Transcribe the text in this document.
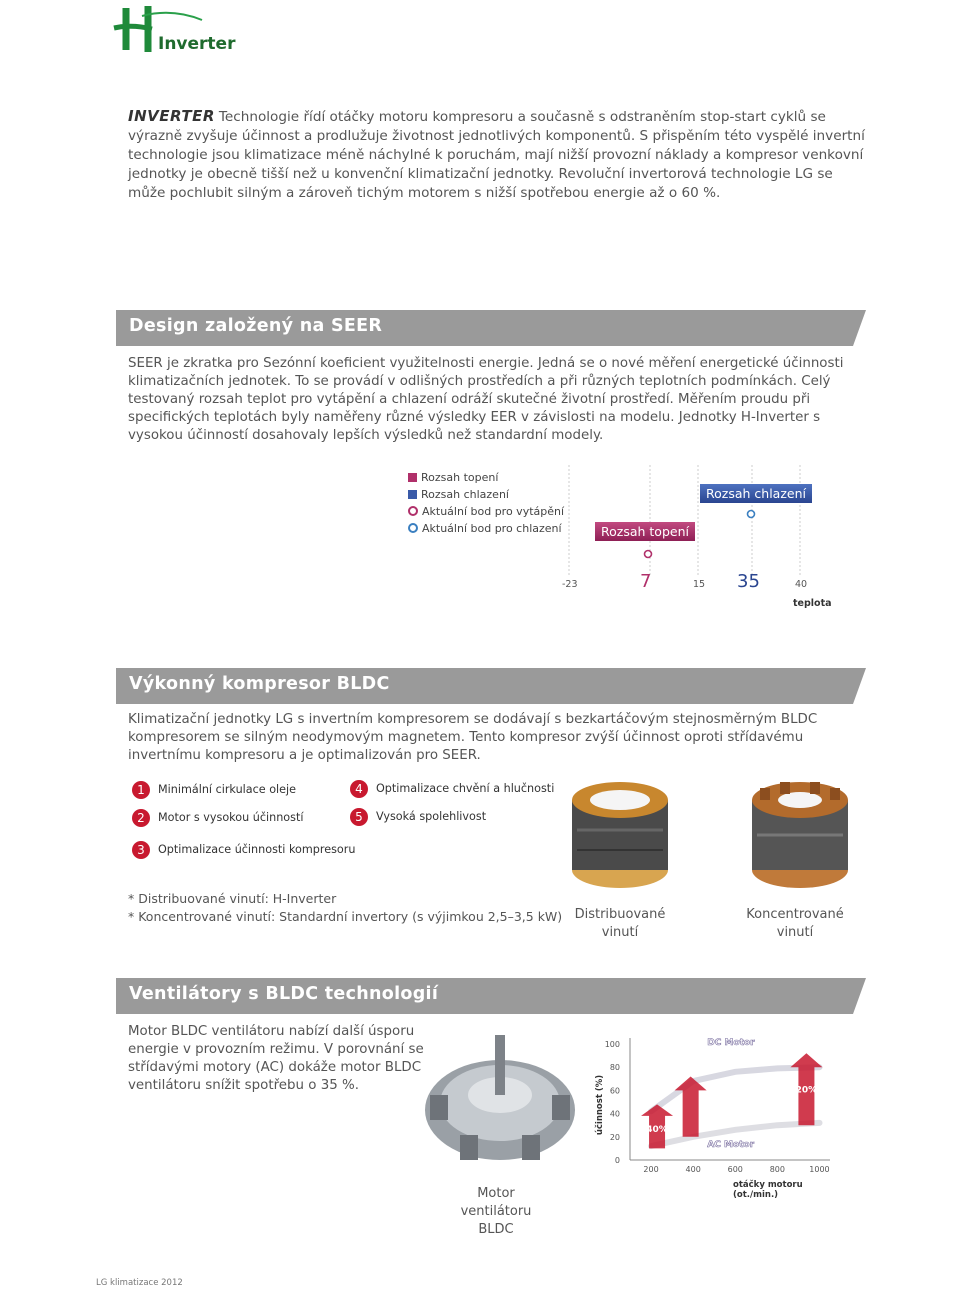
Inverter

INVERTER Technologie řídí otáčky motoru kompresoru a současně s odstraněním stop-start cyklů se výrazně zvyšuje účinnost a prodlužuje životnost jednotlivých komponentů. S přispěním této vyspělé invertní technologie jsou klimatizace méně náchylné k poruchám, mají nižší provozní náklady a kompresor venkovní jednotky je obecně tišší než u konvenční klimatizační jednotky. Revoluční invertorová technologie LG se může pochlubit silným a zároveň tichým motorem s nižší spotřebou energie až o 60 %.

Design založený na SEER

SEER je zkratka pro Sezónní koeficient využitelnosti energie. Jedná se o nové měření energetické účinnosti klimatizačních jednotek. To se provádí v odlišných prostředích a při různých teplotních podmínkách. Celý testovaný rozsah teplot pro vytápění a chlazení odráží skutečné životní prostředí. Měřením proudu při specifických teplotách byly naměřeny různé výsledky EER v závislosti na modelu. Jednotky H-Inverter s vysokou účinností dosahovaly lepších výsledků než standardní modely.

Rozsah topení
Rozsah chlazení
Aktuální bod pro vytápění
Aktuální bod pro chlazení	Rozsah topení
Rozsah chlazení
-23	7	15 35	40
teplota
Výkonný kompresor BLDC

Klimatizační jednotky LG s invertním kompresorem se dodávají s bezkartáčovým stejnosměrným BLDC kompresorem se silným neodymovým magnetem. Tento kompresor zvýší účinnost oproti střídavému invertnímu kompresoru a je optimalizován pro SEER.

1 Minimální cirkulace oleje
2 Motor s vysokou účinností
3 Optimalizace účinnosti kompresoru
4 Optimalizace chvění a hlučnosti
5 Vysoká spolehlivost
* Distribuované vinutí: H-Inverter
* Koncentrované vinutí: Standardní invertory (s výjimkou 2,5–3,5 kW) Distribuované vinutí
Koncentrované vinutí
Ventilátory s BLDC technologií

Motor BLDC ventilátoru nabízí další úsporu energie v provozním režimu. V porovnání se střídavými motory (AC) dokáže motor BLDC ventilátoru snížit spotřebu o 35 %.

Motor ventilátoru BLDC
100
80
60
40
20
0
200	400	600	800	1000
DC Motor
AC Motor
40%
20%
účinnost (%)
otáčky motoru (ot./min.)
LG klimatizace 2012
